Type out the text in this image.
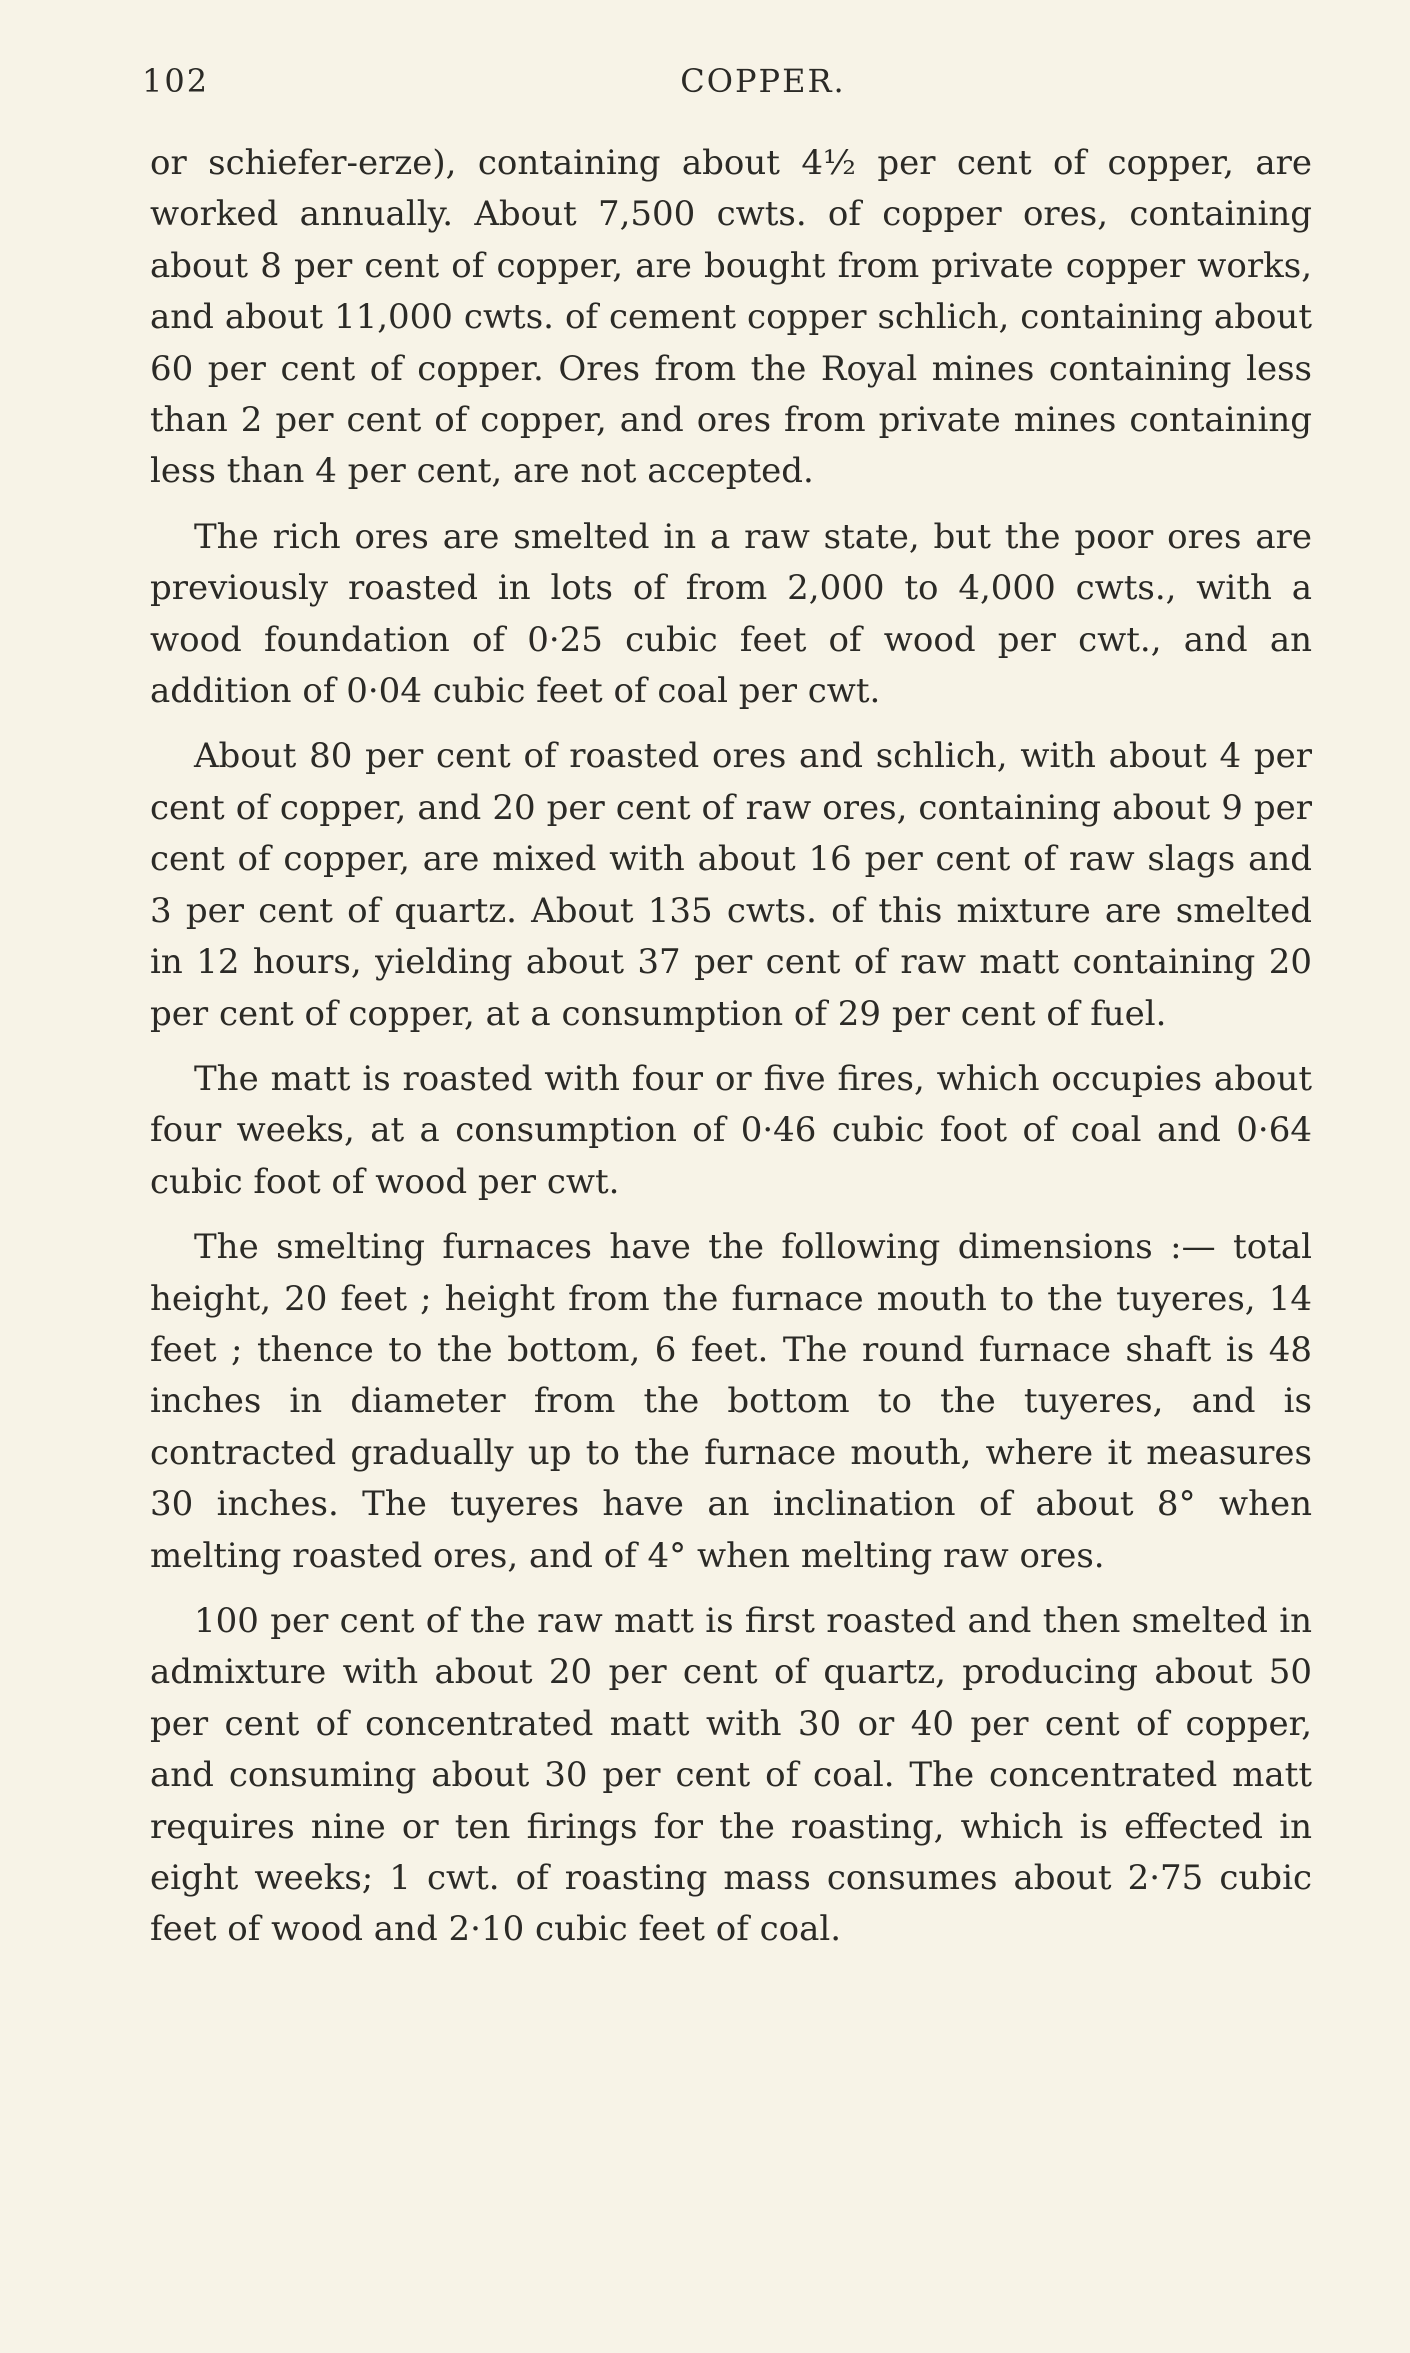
102	COPPER.

or schiefer-erze), containing about 4½ per cent of copper, are worked annually. About 7,500 cwts. of copper ores, containing about 8 per cent of copper, are bought from private copper works, and about 11,000 cwts. of cement copper schlich, containing about 60 per cent of copper. Ores from the Royal mines containing less than 2 per cent of copper, and ores from private mines containing less than 4 per cent, are not accepted.

The rich ores are smelted in a raw state, but the poor ores are previously roasted in lots of from 2,000 to 4,000 cwts., with a wood foundation of 0·25 cubic feet of wood per cwt., and an addition of 0·04 cubic feet of coal per cwt.

About 80 per cent of roasted ores and schlich, with about 4 per cent of copper, and 20 per cent of raw ores, containing about 9 per cent of copper, are mixed with about 16 per cent of raw slags and 3 per cent of quartz. About 135 cwts. of this mixture are smelted in 12 hours, yielding about 37 per cent of raw matt containing 20 per cent of copper, at a consumption of 29 per cent of fuel.

The matt is roasted with four or five fires, which occupies about four weeks, at a consumption of 0·46 cubic foot of coal and 0·64 cubic foot of wood per cwt.

The smelting furnaces have the following dimensions :— total height, 20 feet ; height from the furnace mouth to the tuyeres, 14 feet ; thence to the bottom, 6 feet. The round furnace shaft is 48 inches in diameter from the bottom to the tuyeres, and is contracted gradually up to the furnace mouth, where it measures 30 inches. The tuyeres have an inclination of about 8° when melting roasted ores, and of 4° when melting raw ores.

100 per cent of the raw matt is first roasted and then smelted in admixture with about 20 per cent of quartz, producing about 50 per cent of concentrated matt with 30 or 40 per cent of copper, and consuming about 30 per cent of coal. The concentrated matt requires nine or ten firings for the roasting, which is effected in eight weeks; 1 cwt. of roasting mass consumes about 2·75 cubic feet of wood and 2·10 cubic feet of coal.
